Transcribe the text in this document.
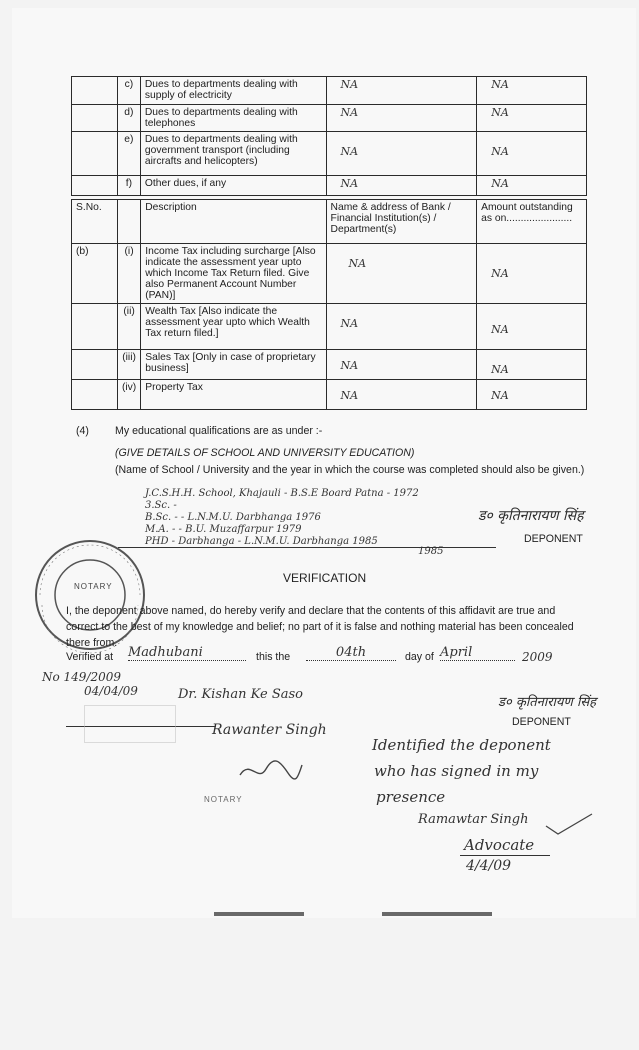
	c)	Dues to departments dealing with supply of electricity	NA	NA
	d)	Dues to departments dealing with telephones	NA	NA
	e)	Dues to departments dealing with government transport (including aircrafts and helicopters)	NA	NA
	f)	Other dues, if any	NA	NA
S.No.		Description	Name & address of Bank / Financial Institution(s) / Department(s)	Amount outstanding as on.......................
(b)	(i)	Income Tax including surcharge [Also indicate the assessment year upto which Income Tax Return filed. Give also Permanent Account Number (PAN)]	NA	NA
	(ii)	Wealth Tax [Also indicate the assessment year upto which Wealth Tax return filed.]	NA	NA
	(iii)	Sales Tax [Only in case of proprietary business]	NA	NA
	(iv)	Property Tax	NA	NA
(4) My educational qualifications are as under :-
(GIVE DETAILS OF SCHOOL AND UNIVERSITY EDUCATION)
(Name of School / University and the year in which the course was completed should also be given.)
J.C.S.H.H. School, Khajauli - B.S.E Board Patna - 1972
3.Sc. -
B.Sc. - - L.N.M.U. Darbhanga 1976
M.A. - - B.U. Muzaffarpur 1979
PHD - Darbhanga - L.N.M.U. Darbhanga 1985
1985
ड० कृतिनारायण सिंह
DEPONENT
NOTARY
VERIFICATION
I, the deponent above named, do hereby verify and declare that the contents of this affidavit are true and correct to the best of my knowledge and belief; no part of it is false and nothing material has been concealed there from.
Verified at Madhubani	this the	04th	day of April	2009
No 149/2009
04/04/09	Dr. Kishan Ke Saso
Rawanter Singh
ड० कृतिनारायण सिंह
DEPONENT
NOTARY
Identified the deponent
who has signed in my
presence
Ramawtar Singh
Advocate
4/4/09
